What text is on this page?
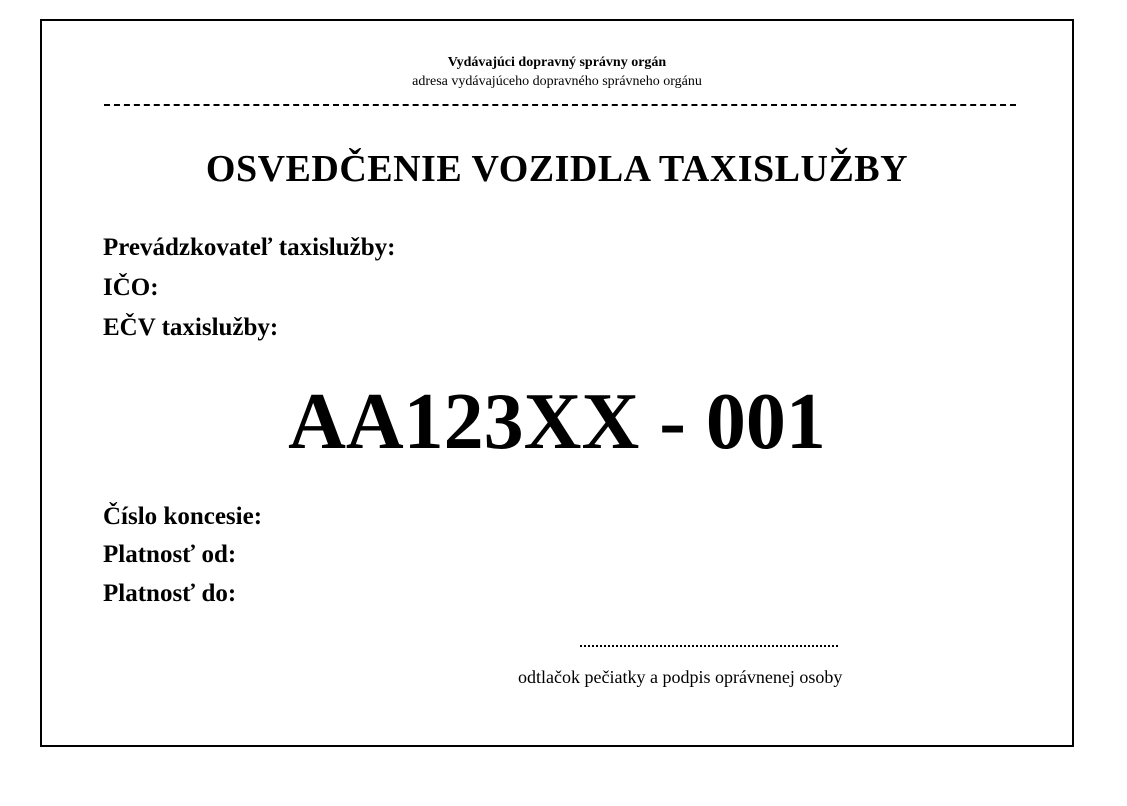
Vydávajúci dopravný správny orgán
adresa vydávajúceho dopravného správneho orgánu
OSVEDČENIE VOZIDLA TAXISLUŽBY
Prevádzkovateľ taxislužby:
IČO:
EČV taxislužby:
AA123XX - 001
Číslo koncesie:
Platnosť od:
Platnosť do:
odtlačok pečiatky a podpis oprávnenej osoby
